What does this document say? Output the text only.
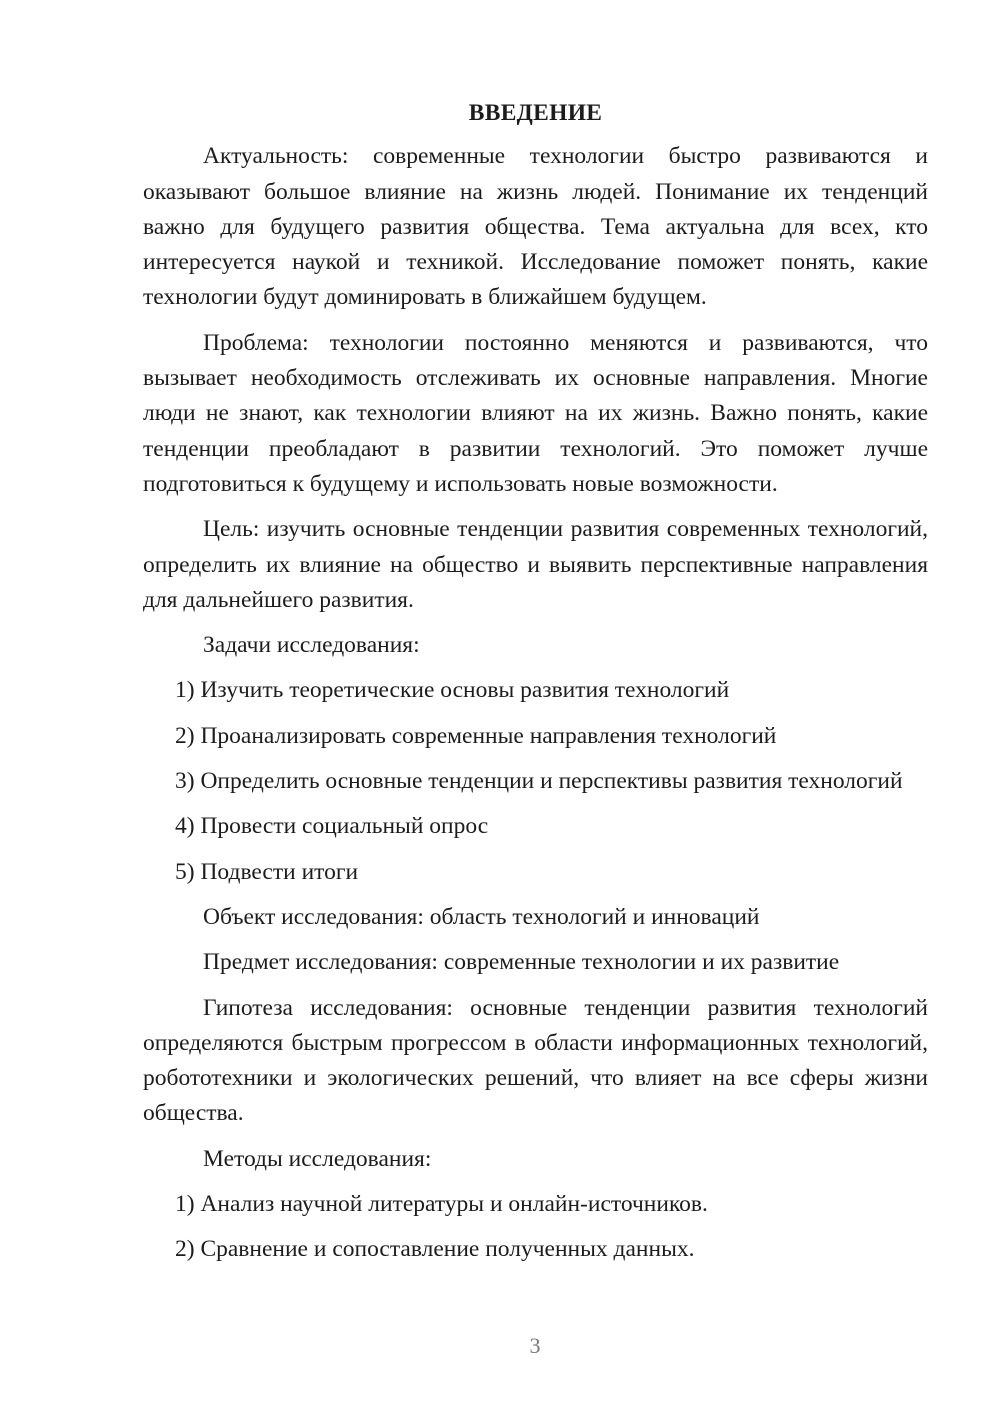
ВВЕДЕНИЕ

Актуальность: современные технологии быстро развиваются и оказывают большое влияние на жизнь людей. Понимание их тенденций важно для будущего развития общества. Тема актуальна для всех, кто интересуется наукой и техникой. Исследование поможет понять, какие технологии будут доминировать в ближайшем будущем.

Проблема: технологии постоянно меняются и развиваются, что вызывает необходимость отслеживать их основные направления. Многие люди не знают, как технологии влияют на их жизнь. Важно понять, какие тенденции преобладают в развитии технологий. Это поможет лучше подготовиться к будущему и использовать новые возможности.

Цель: изучить основные тенденции развития современных технологий, определить их влияние на общество и выявить перспективные направления для дальнейшего развития.

Задачи исследования:

1) Изучить теоретические основы развития технологий

2) Проанализировать современные направления технологий

3) Определить основные тенденции и перспективы развития технологий

4) Провести социальный опрос

5) Подвести итоги

Объект исследования: область технологий и инноваций

Предмет исследования: современные технологии и их развитие

Гипотеза исследования: основные тенденции развития технологий определяются быстрым прогрессом в области информационных технологий, робототехники и экологических решений, что влияет на все сферы жизни общества.

Методы исследования:

1) Анализ научной литературы и онлайн-источников.

2) Сравнение и сопоставление полученных данных.

3
